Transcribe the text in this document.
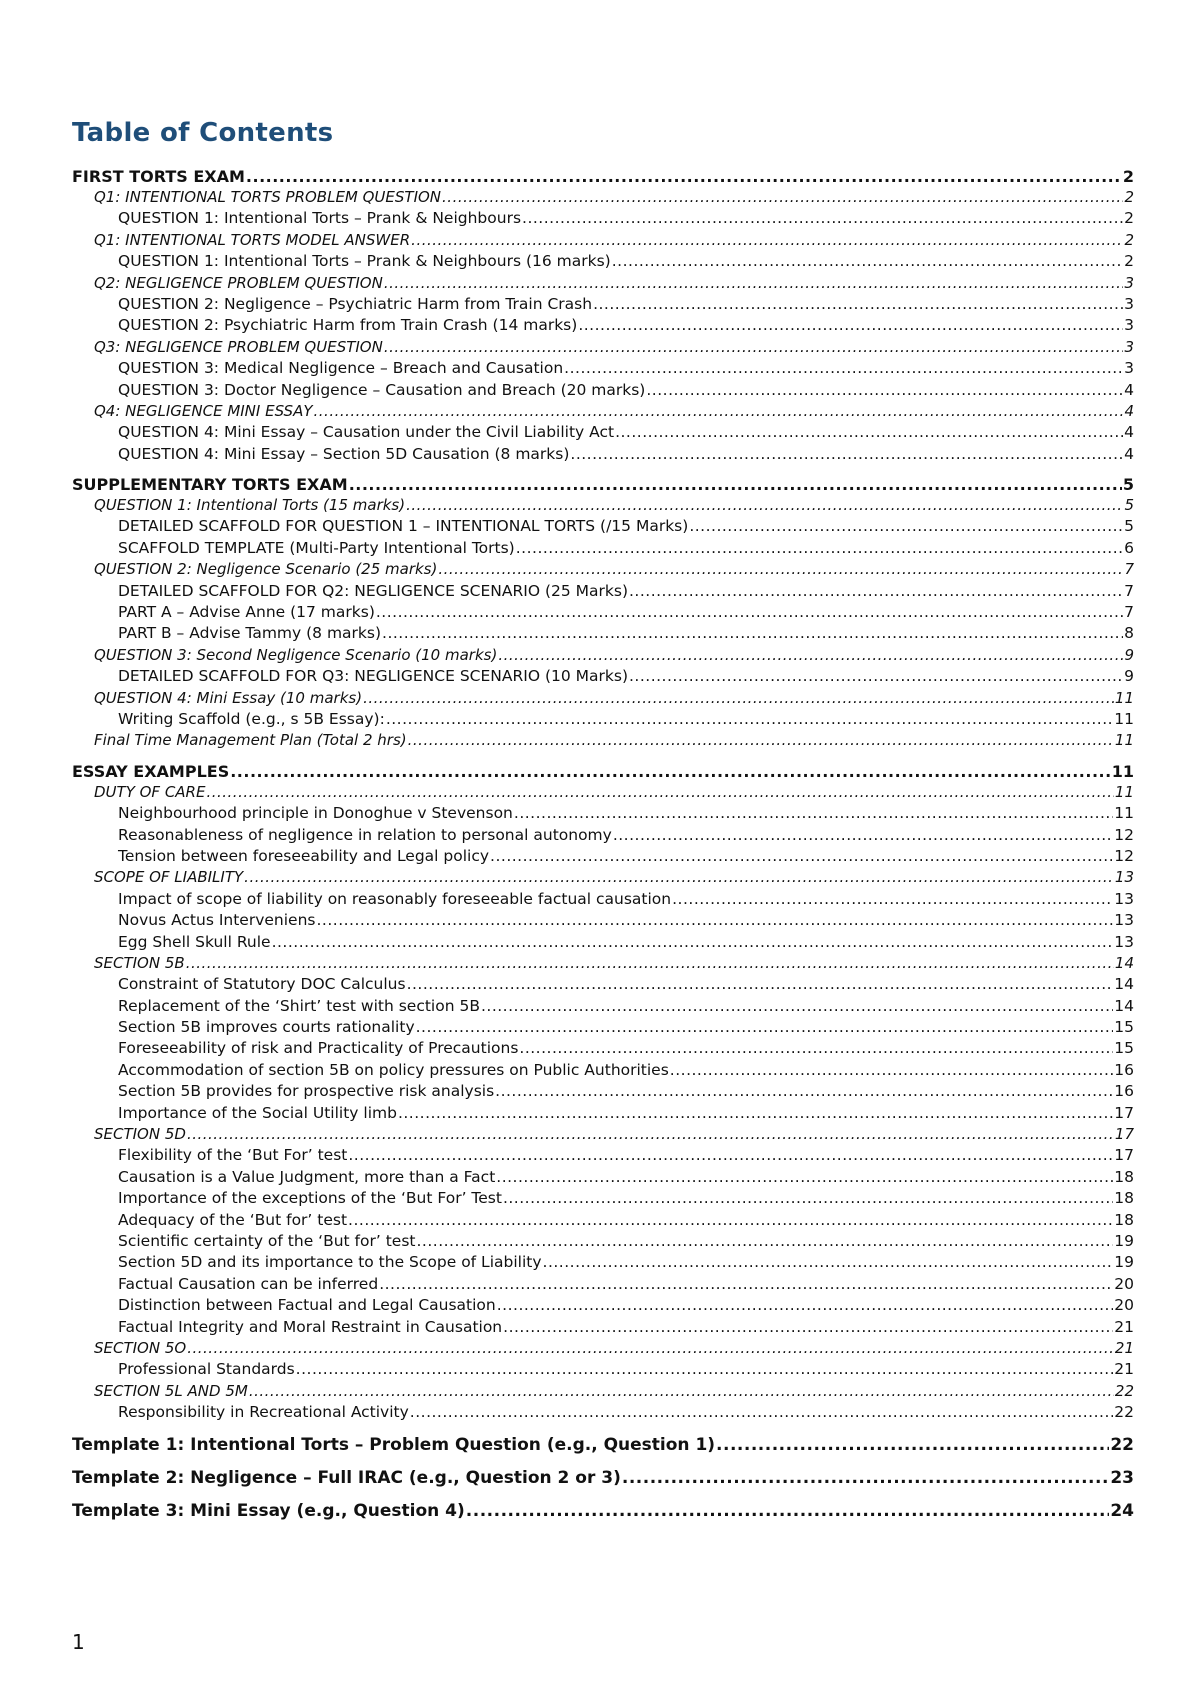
Table of Contents
FIRST TORTS EXAM .....	2
Q1: INTENTIONAL TORTS PROBLEM QUESTION .....	2
QUESTION 1: Intentional Torts – Prank & Neighbours .....	2
Q1: INTENTIONAL TORTS MODEL ANSWER .....	2
QUESTION 1: Intentional Torts – Prank & Neighbours (16 marks) .....	2
Q2: NEGLIGENCE PROBLEM QUESTION .....	3
QUESTION 2: Negligence – Psychiatric Harm from Train Crash .....	3
QUESTION 2: Psychiatric Harm from Train Crash (14 marks) .....	3
Q3: NEGLIGENCE PROBLEM QUESTION .....	3
QUESTION 3: Medical Negligence – Breach and Causation .....	3
QUESTION 3: Doctor Negligence – Causation and Breach (20 marks) .....	4
Q4: NEGLIGENCE MINI ESSAY .....	4
QUESTION 4: Mini Essay – Causation under the Civil Liability Act .....	4
QUESTION 4: Mini Essay – Section 5D Causation (8 marks) .....	4
SUPPLEMENTARY TORTS EXAM .....	5
QUESTION 1: Intentional Torts (15 marks) .....	5
DETAILED SCAFFOLD FOR QUESTION 1 – INTENTIONAL TORTS (/15 Marks) .....	5
SCAFFOLD TEMPLATE (Multi-Party Intentional Torts) .....	6
QUESTION 2: Negligence Scenario (25 marks) .....	7
DETAILED SCAFFOLD FOR Q2: NEGLIGENCE SCENARIO (25 Marks) .....	7
PART A – Advise Anne (17 marks) .....	7
PART B – Advise Tammy (8 marks) .....	8
QUESTION 3: Second Negligence Scenario (10 marks) .....	9
DETAILED SCAFFOLD FOR Q3: NEGLIGENCE SCENARIO (10 Marks) .....	9
QUESTION 4: Mini Essay (10 marks) .....	11
Writing Scaffold (e.g., s 5B Essay): .....	11
Final Time Management Plan (Total 2 hrs) .....	11
ESSAY EXAMPLES .....	11
DUTY OF CARE .....	11
Neighbourhood principle in Donoghue v Stevenson .....	11
Reasonableness of negligence in relation to personal autonomy .....	12
Tension between foreseeability and Legal policy .....	12
SCOPE OF LIABILITY .....	13
Impact of scope of liability on reasonably foreseeable factual causation .....	13
Novus Actus Interveniens .....	13
Egg Shell Skull Rule .....	13
SECTION 5B .....	14
Constraint of Statutory DOC Calculus .....	14
Replacement of the ‘Shirt’ test with section 5B .....	14
Section 5B improves courts rationality .....	15
Foreseeability of risk and Practicality of Precautions .....	15
Accommodation of section 5B on policy pressures on Public Authorities .....	16
Section 5B provides for prospective risk analysis .....	16
Importance of the Social Utility limb .....	17
SECTION 5D .....	17
Flexibility of the ‘But For’ test .....	17
Causation is a Value Judgment, more than a Fact .....	18
Importance of the exceptions of the ‘But For’ Test .....	18
Adequacy of the ‘But for’ test .....	18
Scientific certainty of the ‘But for’ test .....	19
Section 5D and its importance to the Scope of Liability .....	19
Factual Causation can be inferred .....	20
Distinction between Factual and Legal Causation .....	20
Factual Integrity and Moral Restraint in Causation .....	21
SECTION 5O .....	21
Professional Standards .....	21
SECTION 5L AND 5M .....	22
Responsibility in Recreational Activity .....	22
Template 1: Intentional Torts – Problem Question (e.g., Question 1) .....	22
Template 2: Negligence – Full IRAC (e.g., Question 2 or 3) .....	23
Template 3: Mini Essay (e.g., Question 4) .....	24
1
